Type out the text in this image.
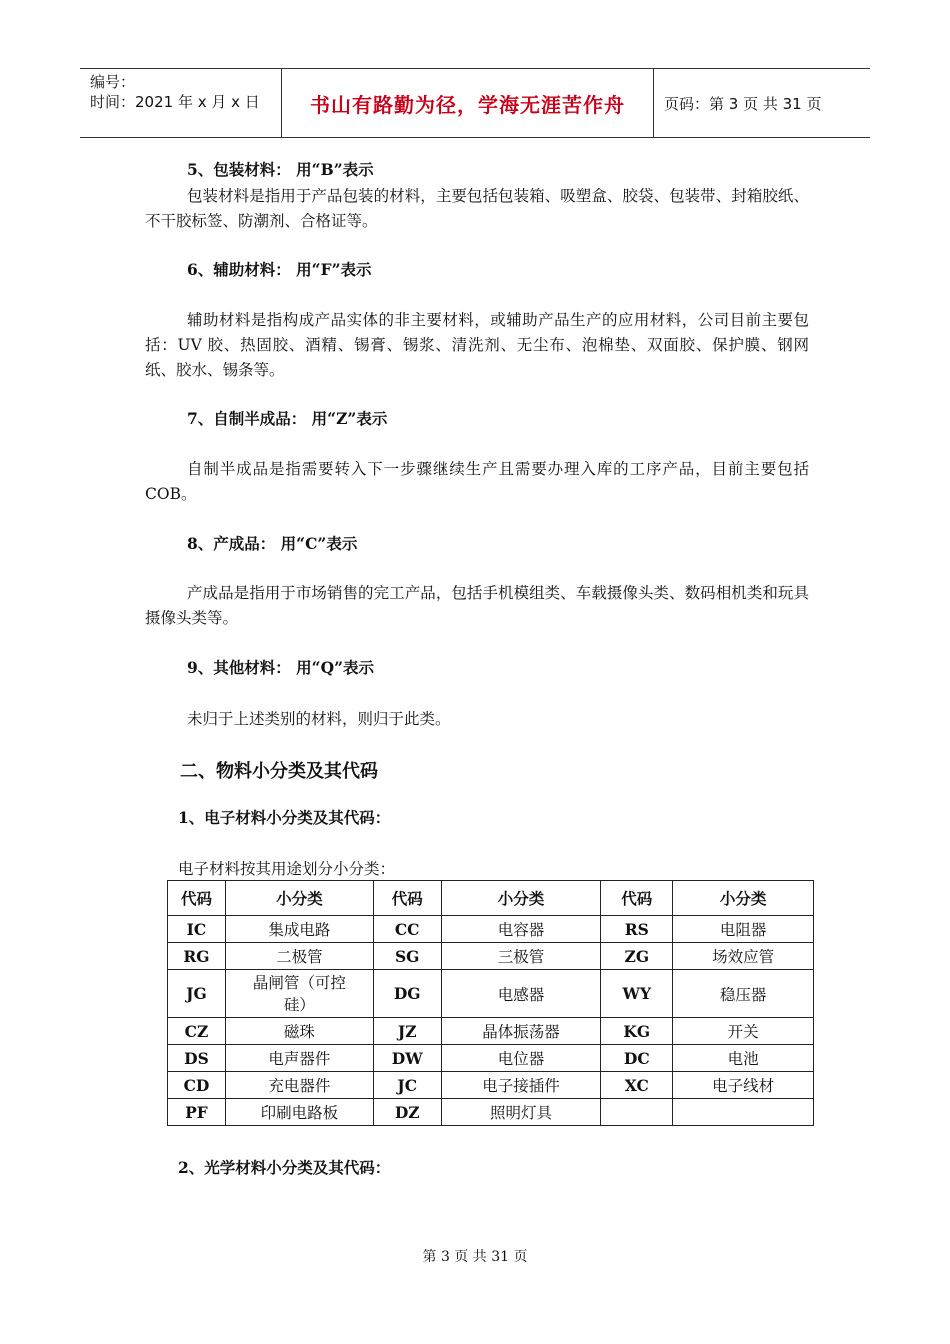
编号：
时间：2021 年 x 月 x 日	书山有路勤为径，学海无涯苦作舟	页码：第 3 页 共 31 页
5、包装材料： 用“B”表示
包装材料是指用于产品包装的材料，主要包括包装箱、吸塑盒、胶袋、包装带、封箱胶纸、不干胶标签、防潮剂、合格证等。
6、辅助材料： 用“F”表示
辅助材料是指构成产品实体的非主要材料，或辅助产品生产的应用材料，公司目前主要包括：UV 胶、热固胶、酒精、锡膏、锡浆、清洗剂、无尘布、泡棉垫、双面胶、保护膜、钢网纸、胶水、锡条等。
7、自制半成品： 用“Z”表示
自制半成品是指需要转入下一步骤继续生产且需要办理入库的工序产品，目前主要包括 COB。
8、产成品： 用“C”表示
产成品是指用于市场销售的完工产品，包括手机模组类、车载摄像头类、数码相机类和玩具摄像头类等。
9、其他材料： 用“Q”表示
未归于上述类别的材料，则归于此类。
二、物料小分类及其代码
1、电子材料小分类及其代码：
电子材料按其用途划分小分类：
代码	小分类	代码	小分类	代码	小分类
IC	集成电路	CC	电容器	RS	电阻器
RG	二极管	SG	三极管	ZG	场效应管
JG	晶闸管（可控硅）	DG	电感器	WY	稳压器
CZ	磁珠	JZ	晶体振荡器	KG	开关
DS	电声器件	DW	电位器	DC	电池
CD	充电器件	JC	电子接插件	XC	电子线材
PF	印刷电路板	DZ	照明灯具		
2、光学材料小分类及其代码：
第 3 页 共 31 页
